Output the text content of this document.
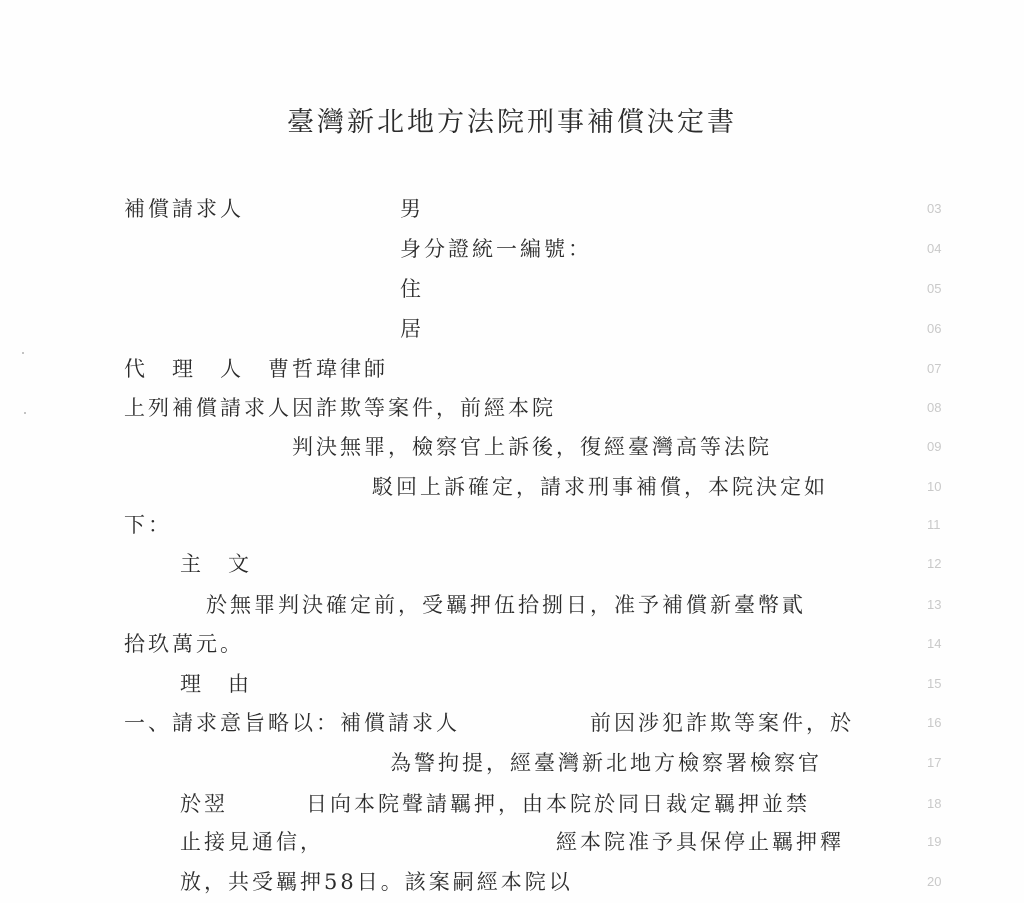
臺灣新北地方法院刑事補償決定書
補償請求人	男	03
身分證統一編號：	04
住	05
居	06
代　理　人　曹哲瑋律師	07
上列補償請求人因詐欺等案件，前經本院	08
判決無罪，檢察官上訴後，復經臺灣高等法院	09
駁回上訴確定，請求刑事補償，本院決定如	10
下：	11
主　文	12
於無罪判決確定前，受羈押伍拾捌日，准予補償新臺幣貳	13
拾玖萬元。	14
理　由	15
一、請求意旨略以：補償請求人	前因涉犯詐欺等案件，於	16
為警拘提，經臺灣新北地方檢察署檢察官	17
於翌	日向本院聲請羈押，由本院於同日裁定羈押並禁	18
止接見通信，	經本院准予具保停止羈押釋	19
放，共受羈押58日。該案嗣經本院以	20
